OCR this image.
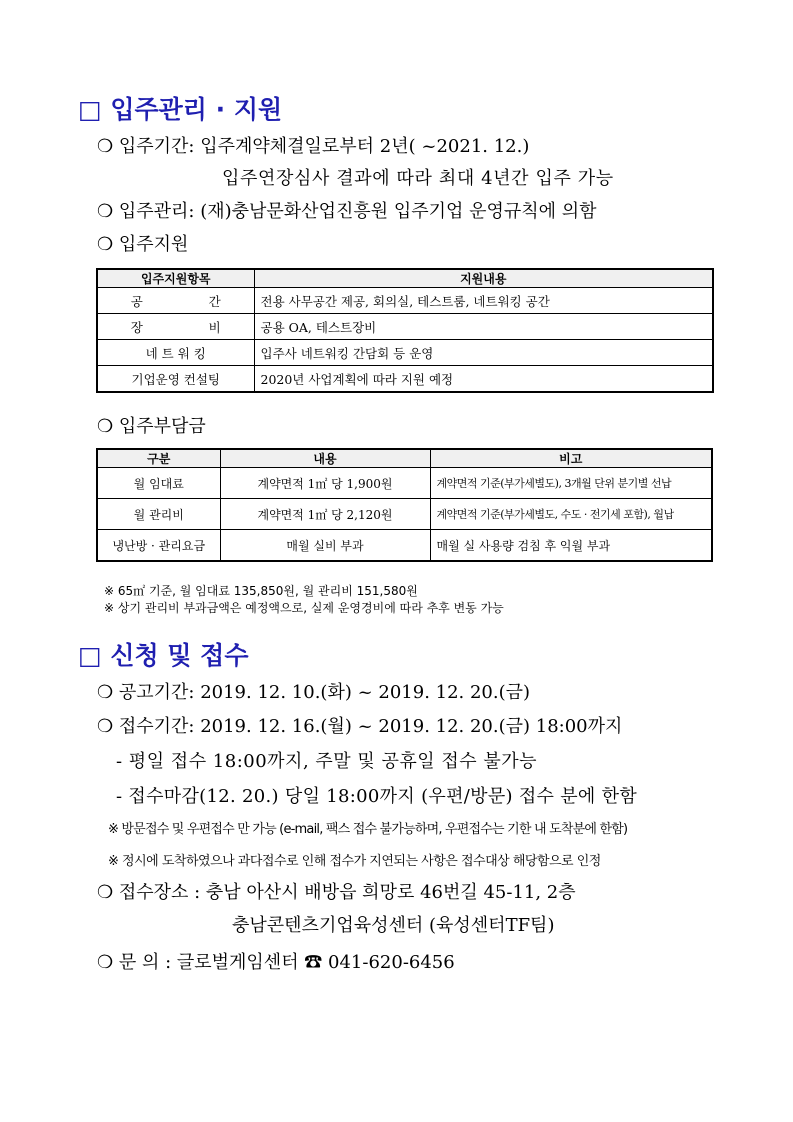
□ 입주관리 · 지원
❍ 입주기간: 입주계약체결일로부터 2년( ~2021. 12.)
입주연장심사 결과에 따라 최대 4년간 입주 가능
❍ 입주관리: (재)충남문화산업진흥원 입주기업 운영규칙에 의함
❍ 입주지원
입주지원항목	지원내용
공 간	전용 사무공간 제공, 회의실, 테스트룸, 네트워킹 공간
장 비	공용 OA, 테스트장비
네 트 워 킹	입주사 네트워킹 간담회 등 운영
기업운영 컨설팅	2020년 사업계획에 따라 지원 예정
❍ 입주부담금
구분	내용	비고
월 임대료	계약면적 1㎡ 당 1,900원	계약면적 기준(부가세별도), 3개월 단위 분기별 선납
월 관리비	계약면적 1㎡ 당 2,120원	계약면적 기준(부가세별도, 수도 · 전기세 포함), 월납
냉난방 · 관리요금	매월 실비 부과	매월 실 사용량 검침 후 익월 부과
※ 65㎡ 기준, 월 임대료 135,850원, 월 관리비 151,580원
※ 상기 관리비 부과금액은 예정액으로, 실제 운영경비에 따라 추후 변동 가능
□ 신청 및 접수
❍ 공고기간: 2019. 12. 10.(화) ~ 2019. 12. 20.(금)
❍ 접수기간: 2019. 12. 16.(월) ~ 2019. 12. 20.(금) 18:00까지
- 평일 접수 18:00까지, 주말 및 공휴일 접수 불가능
- 접수마감(12. 20.) 당일 18:00까지 (우편/방문) 접수 분에 한함
※ 방문접수 및 우편접수 만 가능 (e-mail, 팩스 접수 불가능하며, 우편접수는 기한 내 도착분에 한함)
※ 정시에 도착하였으나 과다접수로 인해 접수가 지연되는 사항은 접수대상 해당함으로 인정
❍ 접수장소 : 충남 아산시 배방읍 희망로 46번길 45-11, 2층
충남콘텐츠기업육성센터 (육성센터TF팀)
❍ 문 의 : 글로벌게임센터 ☎ 041-620-6456
